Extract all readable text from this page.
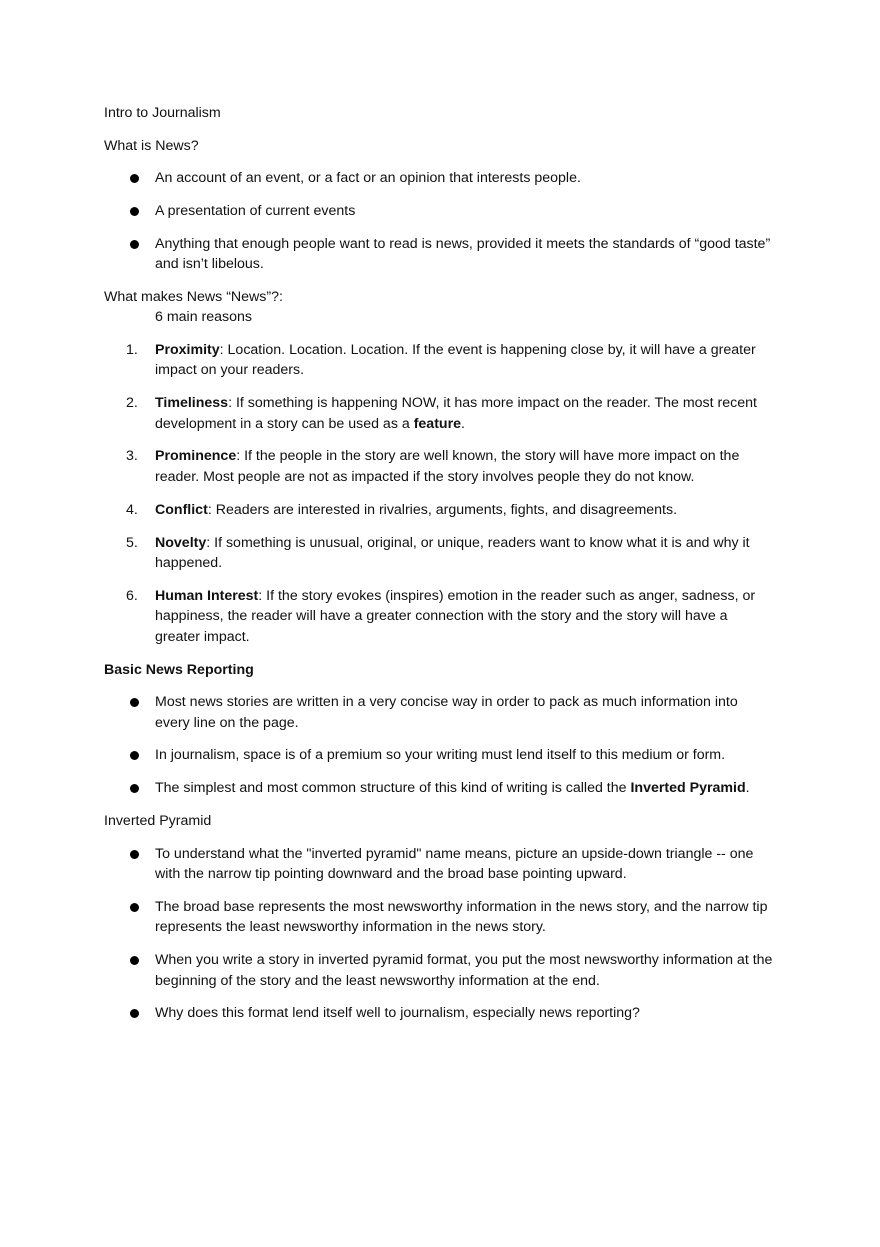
Intro to Journalism

What is News?

An account of an event, or a fact or an opinion that interests people.
A presentation of current events
Anything that enough people want to read is news, provided it meets the standards of “good taste” and isn’t libelous.

What makes News “News”?:

6 main reasons

1.	Proximity: Location. Location. Location. If the event is happening close by, it will have a greater impact on your readers.
2.	Timeliness: If something is happening NOW, it has more impact on the reader. The most recent development in a story can be used as a feature.
3.	Prominence: If the people in the story are well known, the story will have more impact on the reader. Most people are not as impacted if the story involves people they do not know.
4.	Conflict: Readers are interested in rivalries, arguments, fights, and disagreements.
5.	Novelty: If something is unusual, original, or unique, readers want to know what it is and why it happened.
6.	Human Interest: If the story evokes (inspires) emotion in the reader such as anger, sadness, or happiness, the reader will have a greater connection with the story and the story will have a greater impact.

Basic News Reporting

Most news stories are written in a very concise way in order to pack as much information into every line on the page.
In journalism, space is of a premium so your writing must lend itself to this medium or form.
The simplest and most common structure of this kind of writing is called the Inverted Pyramid.

Inverted Pyramid

To understand what the "inverted pyramid" name means, picture an upside-down triangle -- one with the narrow tip pointing downward and the broad base pointing upward.
The broad base represents the most newsworthy information in the news story, and the narrow tip represents the least newsworthy information in the news story.
When you write a story in inverted pyramid format, you put the most newsworthy information at the beginning of the story and the least newsworthy information at the end.
Why does this format lend itself well to journalism, especially news reporting?
